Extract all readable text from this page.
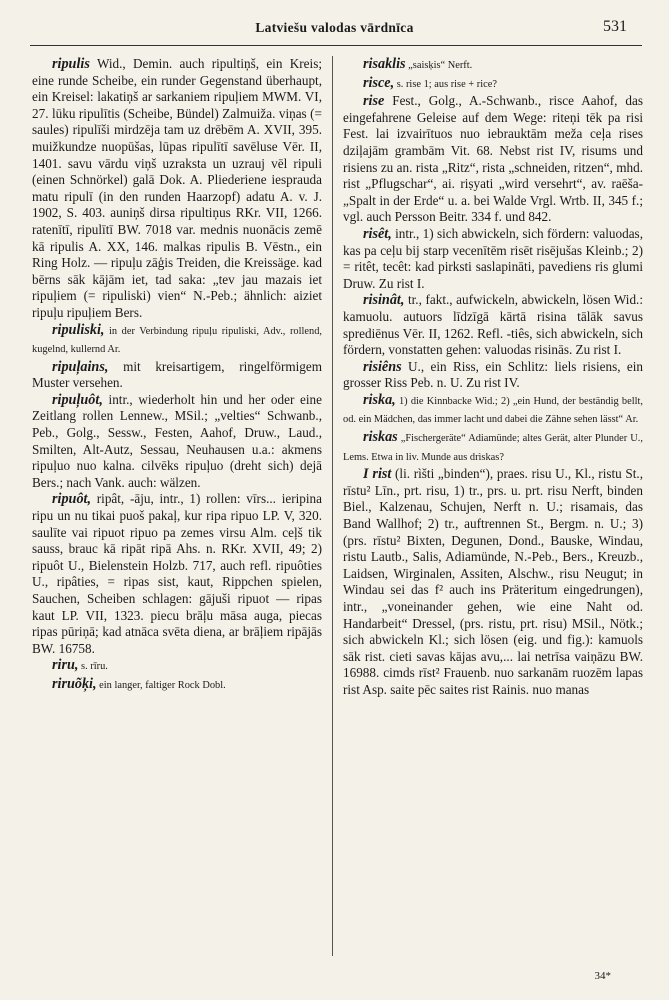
Latviešu valodas vārdnīca	531

ripulis Wid., Demin. auch ripultiņš, ein Kreis; eine runde Scheibe, ein runder Gegenstand überhaupt, ein Kreisel: lakatiņš ar sarkaniem ripuļiem MWM. VI, 27. lūku ripulītis (Scheibe, Bündel) Zalmuiža. viņas (= saules) ripulīši mirdzēja tam uz drēbēm A. XVII, 395. muižkundze nuopūšas, lūpas ripulītī savēluse Vēr. II, 1401. savu vārdu viņš uzraksta un uzrauj vēl ripuli (einen Schnörkel) galā Dok. A. Pliederiene iesprauda matu ripulī (in den runden Haarzopf) adatu A. v. J. 1902, S. 403. auniņš dirsa ripultiņus RKr. VII, 1266. ratenītī, ripulītī BW. 7018 var. mednis nuonācis zemē kā ripulis A. XX, 146. malkas ripulis B. Vēstn., ein Ring Holz. — ripuļu zāģis Treiden, die Kreissäge. kad bērns sāk kājām iet, tad saka: „tev jau mazais iet ripuļiem (= ripuliski) vien“ N.-Peb.; ähnlich: aiziet ripuļu ripuļiem Bers.

ripuliski, in der Verbindung ripuļu ripuliski, Adv., rollend, kugelnd, kullernd Ar.

ripuļains, mit kreisartigem, ringelförmigem Muster versehen.

ripuļuôt, intr., wiederholt hin und her oder eine Zeitlang rollen Lennew., MSil.; „velties“ Schwanb., Peb., Golg., Sessw., Festen, Aahof, Druw., Laud., Smilten, Alt-Autz, Sessau, Neuhausen u.a.: akmens ripuļuo nuo kalna. cilvēks ripuļuo (dreht sich) dejā Bers.; nach Vank. auch: wälzen.

ripuôt, ripât, -āju, intr., 1) rollen: vīrs... ieripina ripu un nu tikai puoš pakaļ, kur ripa ripuo LP. V, 320. saulīte vai ripuot ripuo pa zemes virsu Alm. ceļš tik sauss, brauc kā ripāt ripā Ahs. n. RKr. XVII, 49; 2) ripuôt U., Bielenstein Holzb. 717, auch refl. ripuôties U., ripâties, = ripas sist, kaut, Rippchen spielen, Sauchen, Scheiben schlagen: gājuši ripuot — ripas kaut LP. VII, 1323. piecu brāļu māsa auga, piecas ripas pūriņā; kad atnāca svēta diena, ar brāļiem ripājās BW. 16758.

riru, s. rīru.

riruõķi, ein langer, faltiger Rock Dobl.

risaklis „saisķis“ Nerft.

risce, s. rise 1; aus rise + rice?

rise Fest., Golg., A.-Schwanb., risce Aahof, das eingefahrene Geleise auf dem Wege: riteņi tēk pa risi Fest. lai izvairītuos nuo iebrauktām meža ceļa rises dziļajām grambām Vit. 68. Nebst rist IV, risums und risiens zu an. rista „Ritz“, rista „schneiden, ritzen“, mhd. rist „Pflugschar“, ai. riṣyati „wird versehrt“, av. raēša- „Spalt in der Erde“ u. a. bei Walde Vrgl. Wrtb. II, 345 f.; vgl. auch Persson Beitr. 334 f. und 842.

risêt, intr., 1) sich abwickeln, sich fördern: valuodas, kas pa ceļu bij starp vecenītēm risēt risējušas Kleinb.; 2) = ritêt, tecêt: kad pirksti saslapināti, pavediens ris glumi Druw. Zu rist I.

risinât, tr., fakt., aufwickeln, abwickeln, lösen Wid.: kamuolu. autuors līdzīgā kārtā risina tālāk savus sprediēnus Vēr. II, 1262. Refl. -tiês, sich abwickeln, sich fördern, vonstatten gehen: valuodas risinās. Zu rist I.

risiêns U., ein Riss, ein Schlitz: liels risiens, ein grosser Riss Peb. n. U. Zu rist IV.

riska, 1) die Kinnbacke Wid.; 2) „ein Hund, der beständig bellt, od. ein Mädchen, das immer lacht und dabei die Zähne sehen lässt“ Ar.

riskas „Fischergeräte“ Adiamünde; altes Gerät, alter Plunder U., Lems. Etwa in liv. Munde aus drìskas?

I rist (li. rìšti „binden“), praes. risu U., Kl., ristu St., rīstu² Līn., prt. risu, 1) tr., prs. u. prt. risu Nerft, binden Biel., Kalzenau, Schujen, Nerft n. U.; risamais, das Band Wallhof; 2) tr., auftrennen St., Bergm. n. U.; 3) (prs. rīstu² Bixten, Degunen, Dond., Bauske, Windau, ristu Lautb., Salis, Adiamünde, N.-Peb., Bers., Kreuzb., Laidsen, Wirginalen, Assiten, Alschw., risu Neugut; in Windau sei das f² auch ins Präteritum eingedrungen), intr., „voneinander gehen, wie eine Naht od. Handarbeit“ Dressel, (prs. ristu, prt. risu) MSil., Nötk.; sich abwickeln Kl.; sich lösen (eig. und fig.): kamuols sāk rist. cieti savas kājas avu,... lai netrīsa vaiņāzu BW. 16988. cimds rīst² Frauenb. nuo sarkanām ruozēm lapas rist Asp. saite pēc saites rist Rainis. nuo manas

34*
